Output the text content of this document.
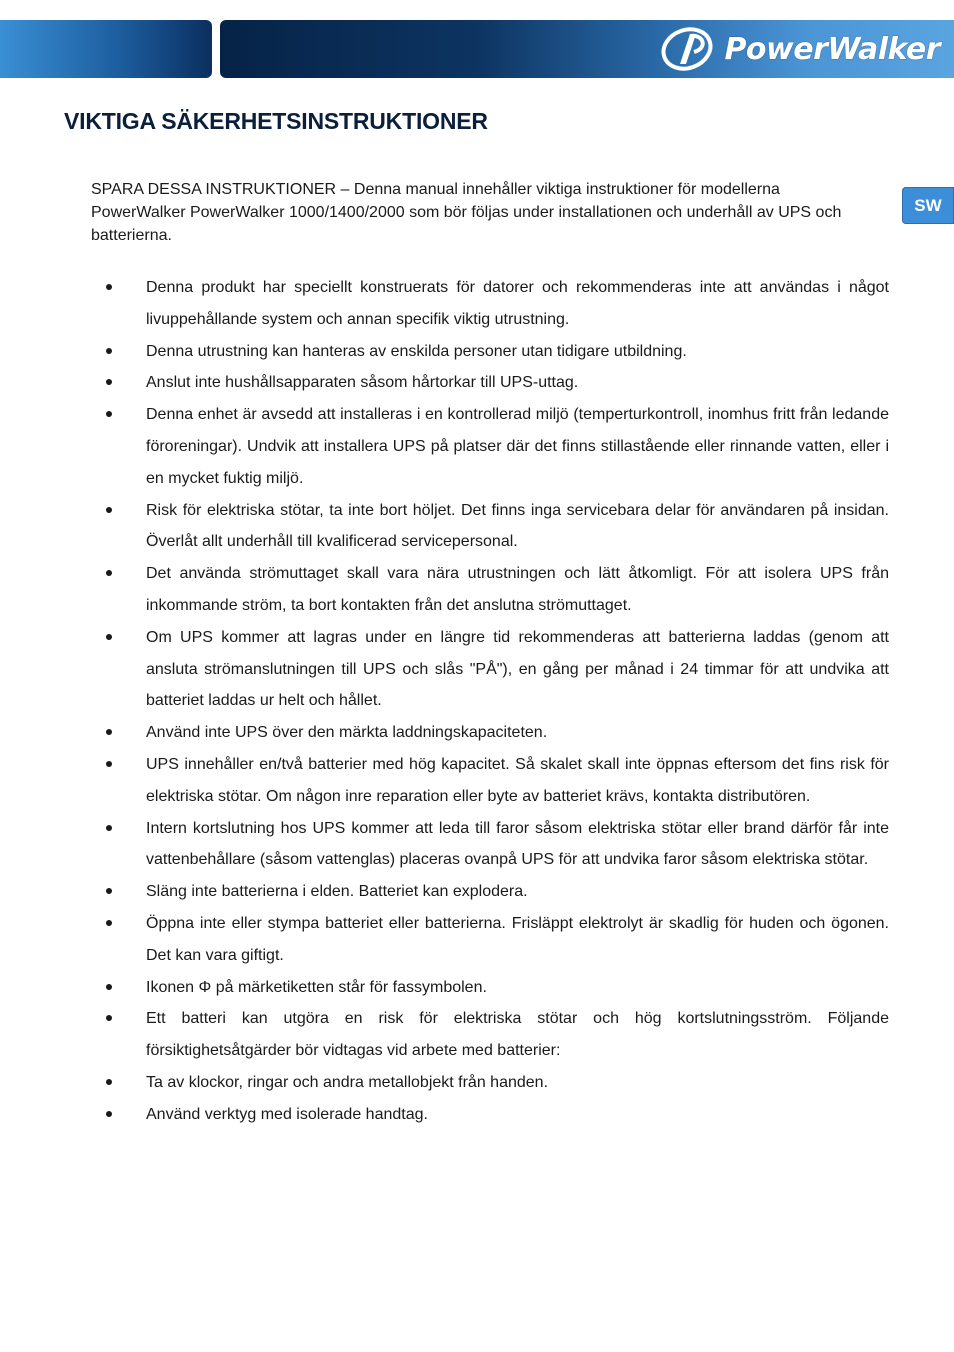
PowerWalker
VIKTIGA SÄKERHETSINSTRUKTIONER
SW

SPARA DESSA INSTRUKTIONER – Denna manual innehåller viktiga instruktioner för modellerna PowerWalker PowerWalker 1000/1400/2000 som bör följas under installationen och underhåll av UPS och batterierna.

Denna produkt har speciellt konstruerats för datorer och rekommenderas inte att användas i något livuppehållande system och annan specifik viktig utrustning.
Denna utrustning kan hanteras av enskilda personer utan tidigare utbildning.
Anslut inte hushållsapparaten såsom hårtorkar till UPS-uttag.
Denna enhet är avsedd att installeras i en kontrollerad miljö (temperturkontroll, inomhus fritt från ledande föroreningar). Undvik att installera UPS på platser där det finns stillastående eller rinnande vatten, eller i en mycket fuktig miljö.
Risk för elektriska stötar, ta inte bort höljet. Det finns inga servicebara delar för användaren på insidan. Överlåt allt underhåll till kvalificerad servicepersonal.
Det använda strömuttaget skall vara nära utrustningen och lätt åtkomligt. För att isolera UPS från inkommande ström, ta bort kontakten från det anslutna strömuttaget.
Om UPS kommer att lagras under en längre tid rekommenderas att batterierna laddas (genom att ansluta strömanslutningen till UPS och slås "PÅ"), en gång per månad i 24 timmar för att undvika att batteriet laddas ur helt och hållet.
Använd inte UPS över den märkta laddningskapaciteten.
UPS innehåller en/två batterier med hög kapacitet. Så skalet skall inte öppnas eftersom det fins risk för elektriska stötar. Om någon inre reparation eller byte av batteriet krävs, kontakta distributören.
Intern kortslutning hos UPS kommer att leda till faror såsom elektriska stötar eller brand därför får inte vattenbehållare (såsom vattenglas) placeras ovanpå UPS för att undvika faror såsom elektriska stötar.
Släng inte batterierna i elden. Batteriet kan explodera.
Öppna inte eller stympa batteriet eller batterierna. Frisläppt elektrolyt är skadlig för huden och ögonen. Det kan vara giftigt.
Ikonen Φ på märketiketten står för fassymbolen.
Ett batteri kan utgöra en risk för elektriska stötar och hög kortslutningsström. Följande försiktighetsåtgärder bör vidtagas vid arbete med batterier:
Ta av klockor, ringar och andra metallobjekt från handen.
Använd verktyg med isolerade handtag.
